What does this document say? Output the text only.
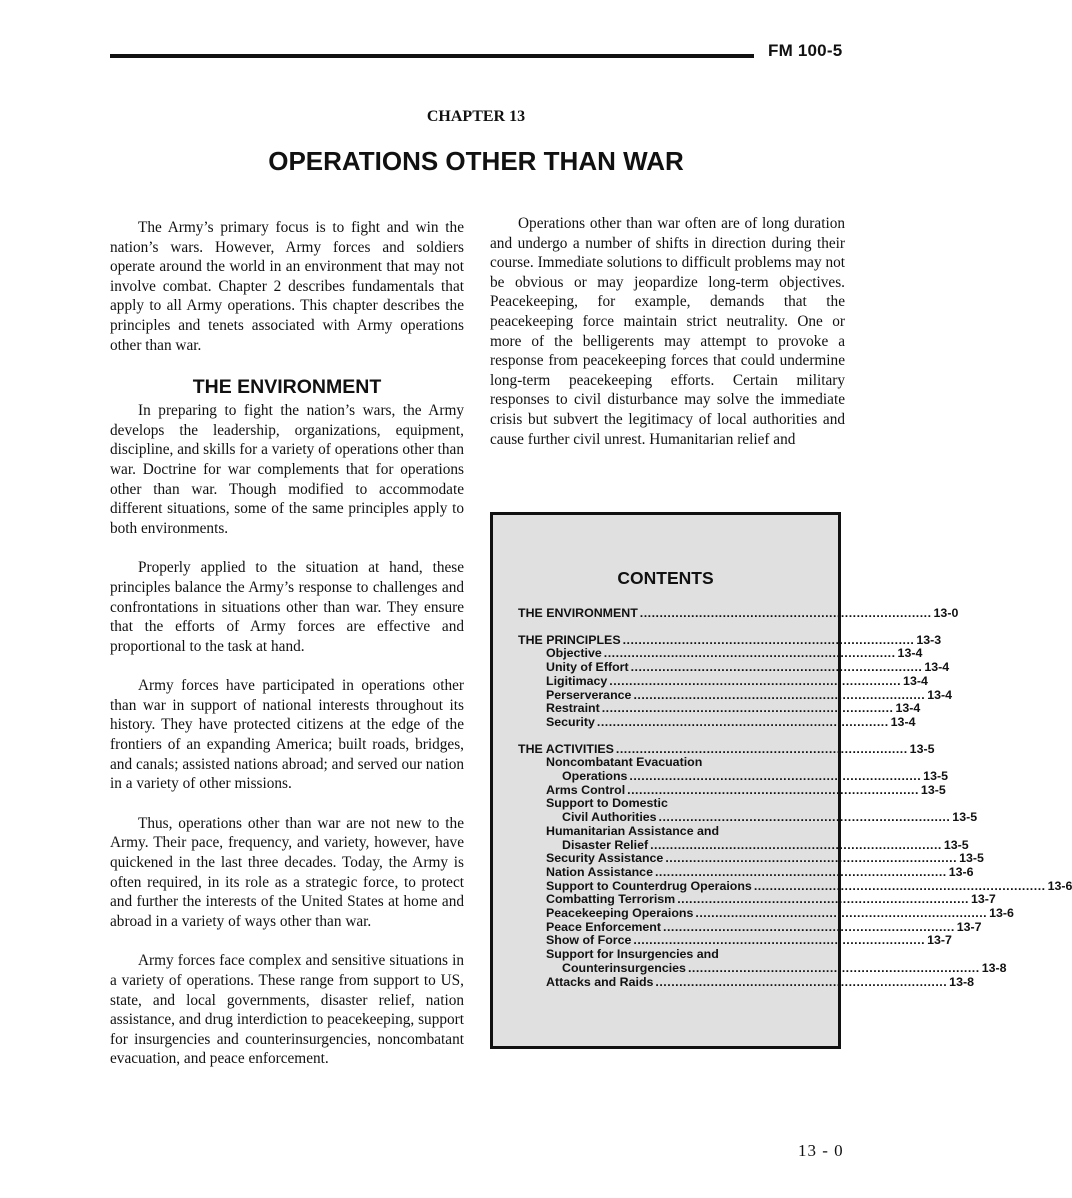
FM 100-5
CHAPTER 13
OPERATIONS OTHER THAN WAR

The Army’s primary focus is to fight and win the nation’s wars. However, Army forces and soldiers operate around the world in an environment that may not involve combat. Chapter 2 describes fundamentals that apply to all Army operations. This chapter describes the principles and tenets associated with Army operations other than war.

THE ENVIRONMENT

In preparing to fight the nation’s wars, the Army develops the leadership, organizations, equipment, discipline, and skills for a variety of operations other than war. Doctrine for war complements that for operations other than war. Though modified to accommodate different situations, some of the same principles apply to both environments.

Properly applied to the situation at hand, these principles balance the Army’s response to challenges and confrontations in situations other than war. They ensure that the efforts of Army forces are effective and proportional to the task at hand.

Army forces have participated in operations other than war in support of national interests throughout its history. They have protected citizens at the edge of the frontiers of an expanding America; built roads, bridges, and canals; assisted nations abroad; and served our nation in a variety of other missions.

Thus, operations other than war are not new to the Army. Their pace, frequency, and variety, however, have quickened in the last three decades. Today, the Army is often required, in its role as a strategic force, to protect and further the interests of the United States at home and abroad in a variety of ways other than war.

Army forces face complex and sensitive situations in a variety of operations. These range from support to US, state, and local governments, disaster relief, nation assistance, and drug interdiction to peacekeeping, support for insurgencies and counterinsurgencies, noncombatant evacuation, and peace enforcement.

Operations other than war often are of long duration and undergo a number of shifts in direction during their course. Immediate solutions to difficult problems may not be obvious or may jeopardize long-term objectives. Peacekeeping, for example, demands that the peacekeeping force maintain strict neutrality. One or more of the belligerents may attempt to provoke a response from peacekeeping forces that could undermine long-term peacekeeping efforts. Certain military responses to civil disturbance may solve the immediate crisis but subvert the legitimacy of local authorities and cause further civil unrest. Humanitarian relief and

CONTENTS
THE ENVIRONMENT .......................................................................... 13-0
THE PRINCIPLES .......................................................................... 13-3
Objective .......................................................................... 13-4
Unity of Effort .......................................................................... 13-4
Ligitimacy .......................................................................... 13-4
Perserverance .......................................................................... 13-4
Restraint .......................................................................... 13-4
Security .......................................................................... 13-4
THE ACTIVITIES .......................................................................... 13-5
Noncombatant Evacuation
Operations .......................................................................... 13-5
Arms Control .......................................................................... 13-5
Support to Domestic
Civil Authorities .......................................................................... 13-5
Humanitarian Assistance and
Disaster Relief .......................................................................... 13-5
Security Assistance .......................................................................... 13-5
Nation Assistance .......................................................................... 13-6
Support to Counterdrug Operaions .......................................................................... 13-6
Combatting Terrorism .......................................................................... 13-7
Peacekeeping Operaions .......................................................................... 13-6
Peace Enforcement .......................................................................... 13-7
Show of Force .......................................................................... 13-7
Support for Insurgencies and
Counterinsurgencies .......................................................................... 13-8
Attacks and Raids .......................................................................... 13-8
13 - 0
